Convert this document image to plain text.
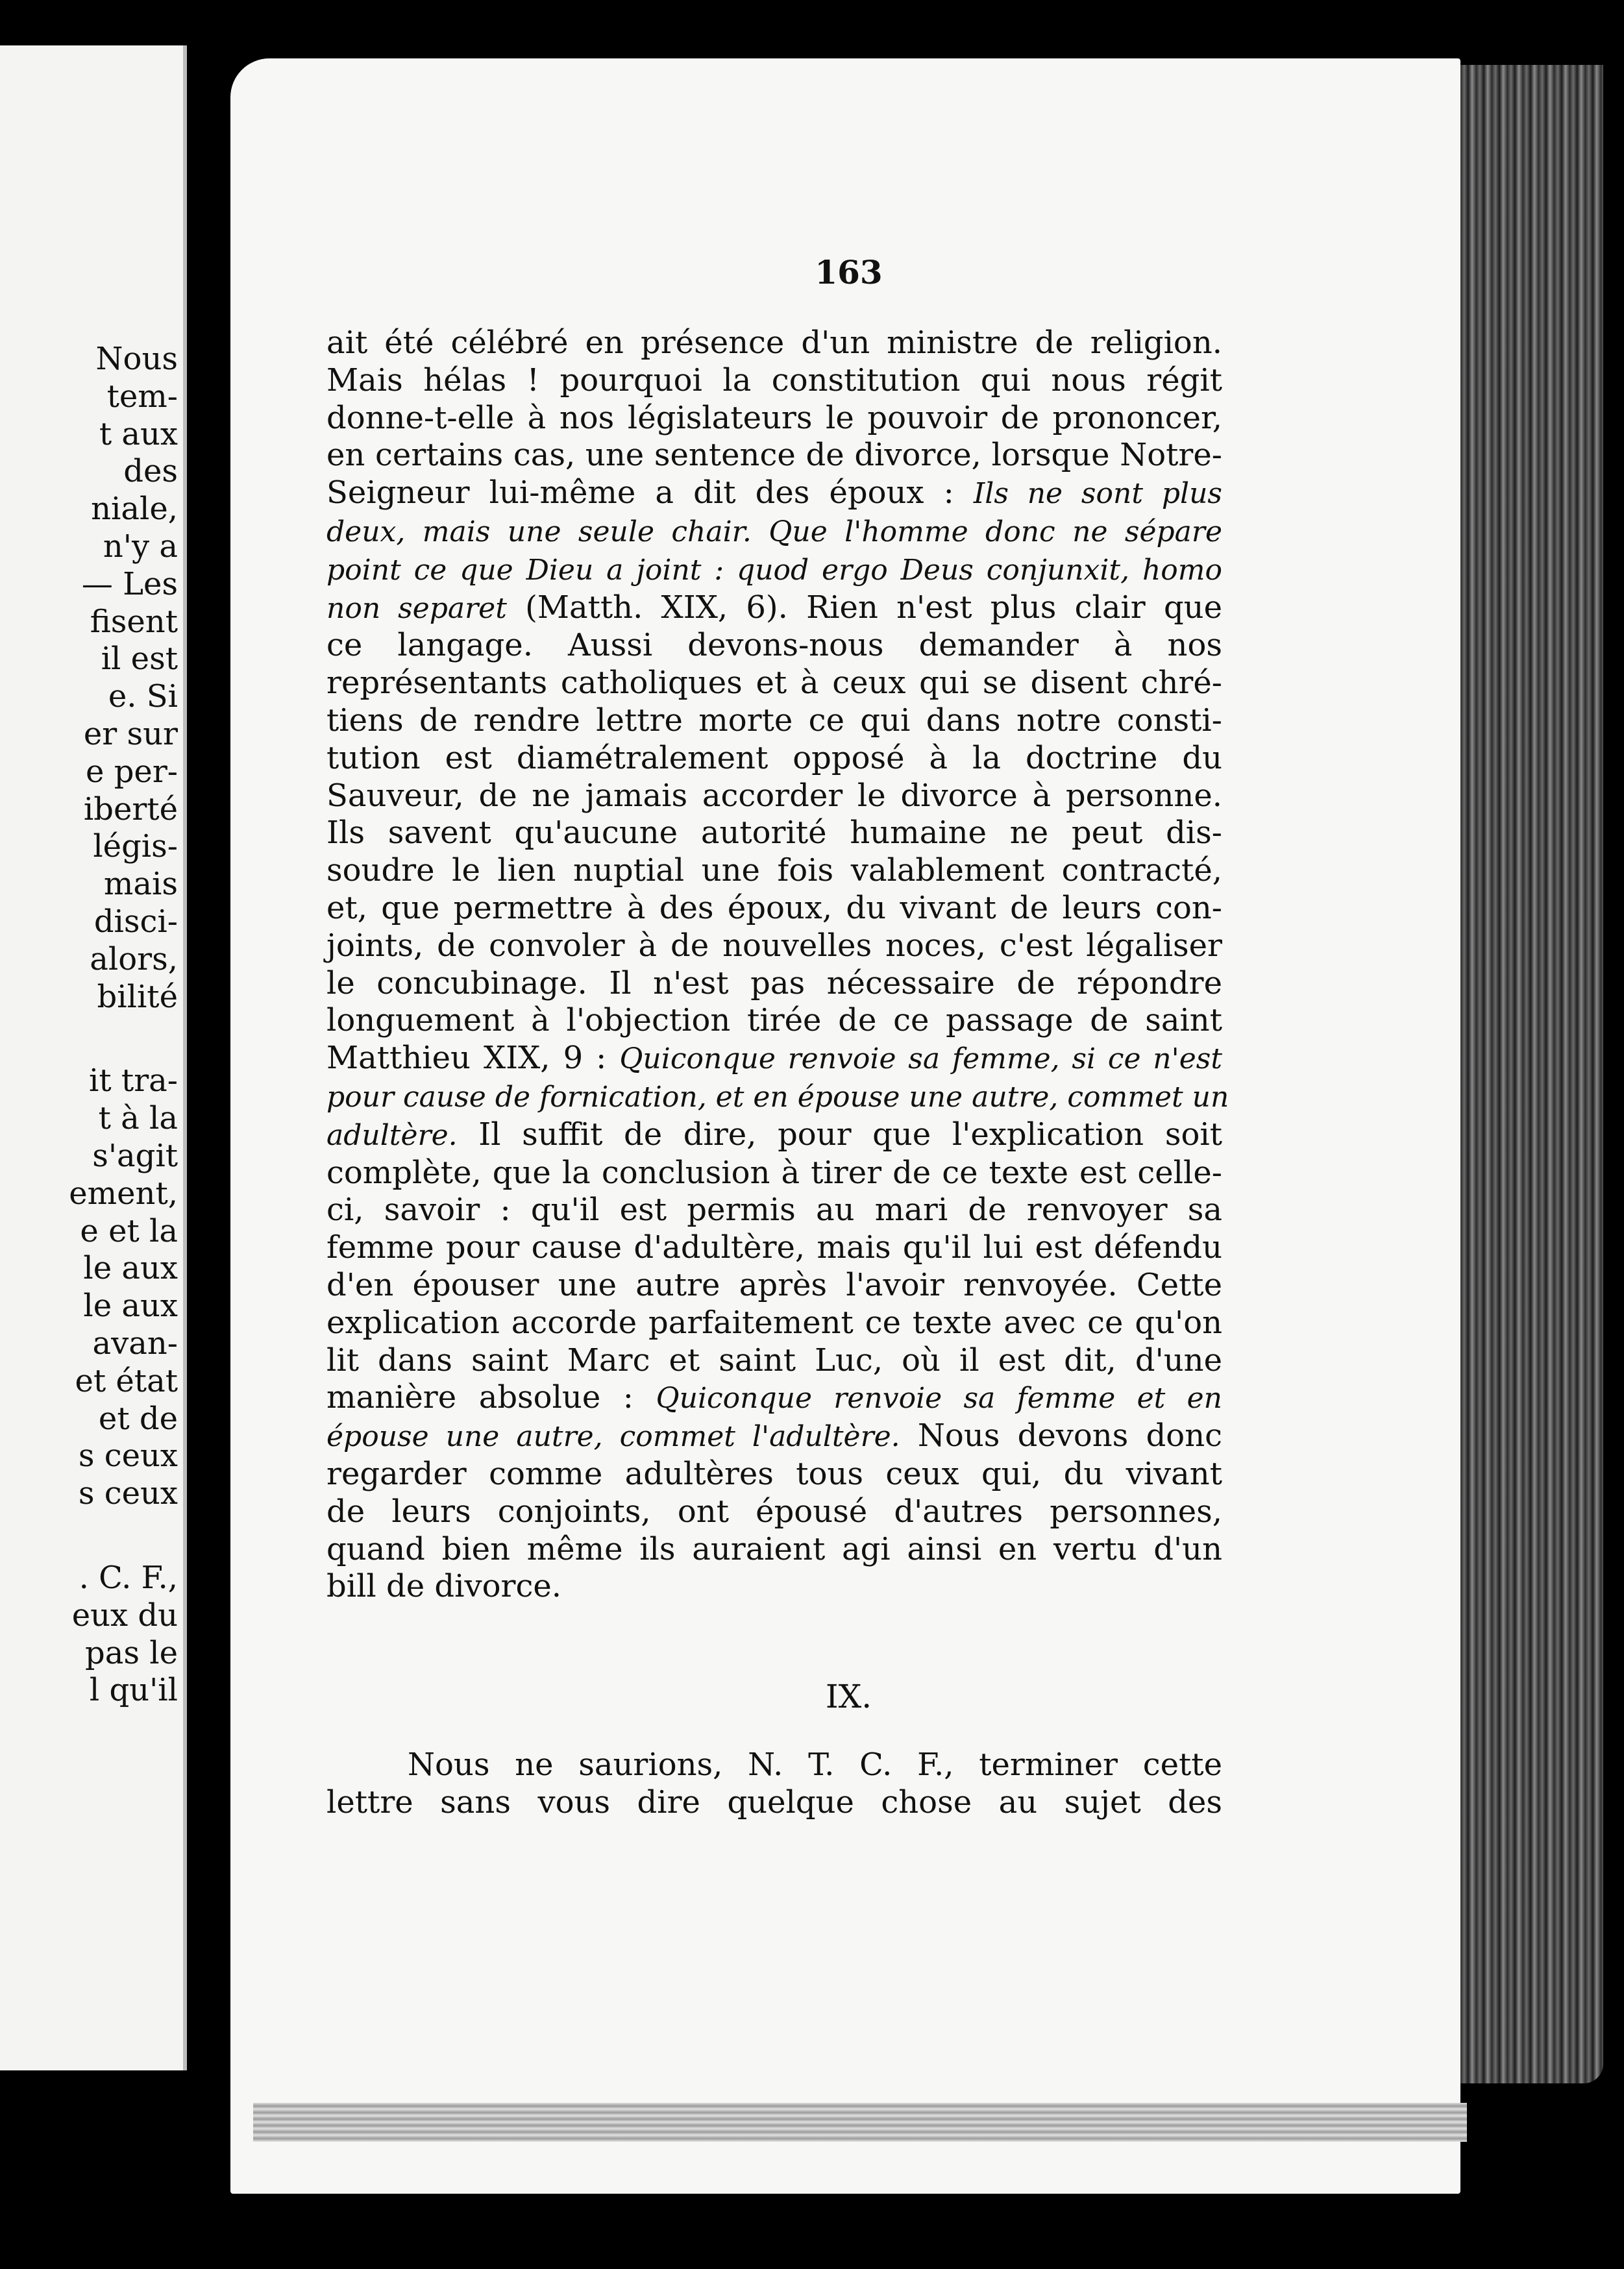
Nous
tem-
t aux
des
niale,
n'y a
— Les
fisent
il est
e. Si
er sur
e per-
iberté
légis-
mais
disci-
alors,
bilité
it tra-
t à la
s'agit
ement,
e et la
le aux
le aux
avan-
et état
et de
s ceux
s ceux
. C. F.,
eux du
pas le
l qu'il
163
ait été célébré en présence d'un ministre de religion.
Mais hélas ! pourquoi la constitution qui nous régit
donne-t-elle à nos législateurs le pouvoir de prononcer,
en certains cas, une sentence de divorce, lorsque Notre-
Seigneur lui-même a dit des époux : Ils ne sont plus
deux, mais une seule chair. Que l'homme donc ne sépare
point ce que Dieu a joint : quod ergo Deus conjunxit, homo
non separet (Matth. XIX, 6). Rien n'est plus clair que
ce langage. Aussi devons-nous demander à nos
représentants catholiques et à ceux qui se disent chré-
tiens de rendre lettre morte ce qui dans notre consti-
tution est diamétralement opposé à la doctrine du
Sauveur, de ne jamais accorder le divorce à personne.
Ils savent qu'aucune autorité humaine ne peut dis-
soudre le lien nuptial une fois valablement contracté,
et, que permettre à des époux, du vivant de leurs con-
joints, de convoler à de nouvelles noces, c'est légaliser
le concubinage. Il n'est pas nécessaire de répondre
longuement à l'objection tirée de ce passage de saint
Matthieu XIX, 9 : Quiconque renvoie sa femme, si ce n'est
pour cause de fornication, et en épouse une autre, commet un
adultère. Il suffit de dire, pour que l'explication soit
complète, que la conclusion à tirer de ce texte est celle-
ci, savoir : qu'il est permis au mari de renvoyer sa
femme pour cause d'adultère, mais qu'il lui est défendu
d'en épouser une autre après l'avoir renvoyée. Cette
explication accorde parfaitement ce texte avec ce qu'on
lit dans saint Marc et saint Luc, où il est dit, d'une
manière absolue : Quiconque renvoie sa femme et en
épouse une autre, commet l'adultère. Nous devons donc
regarder comme adultères tous ceux qui, du vivant
de leurs conjoints, ont épousé d'autres personnes,
quand bien même ils auraient agi ainsi en vertu d'un
bill de divorce.
IX.
Nous ne saurions, N. T. C. F., terminer cette
lettre sans vous dire quelque chose au sujet des
